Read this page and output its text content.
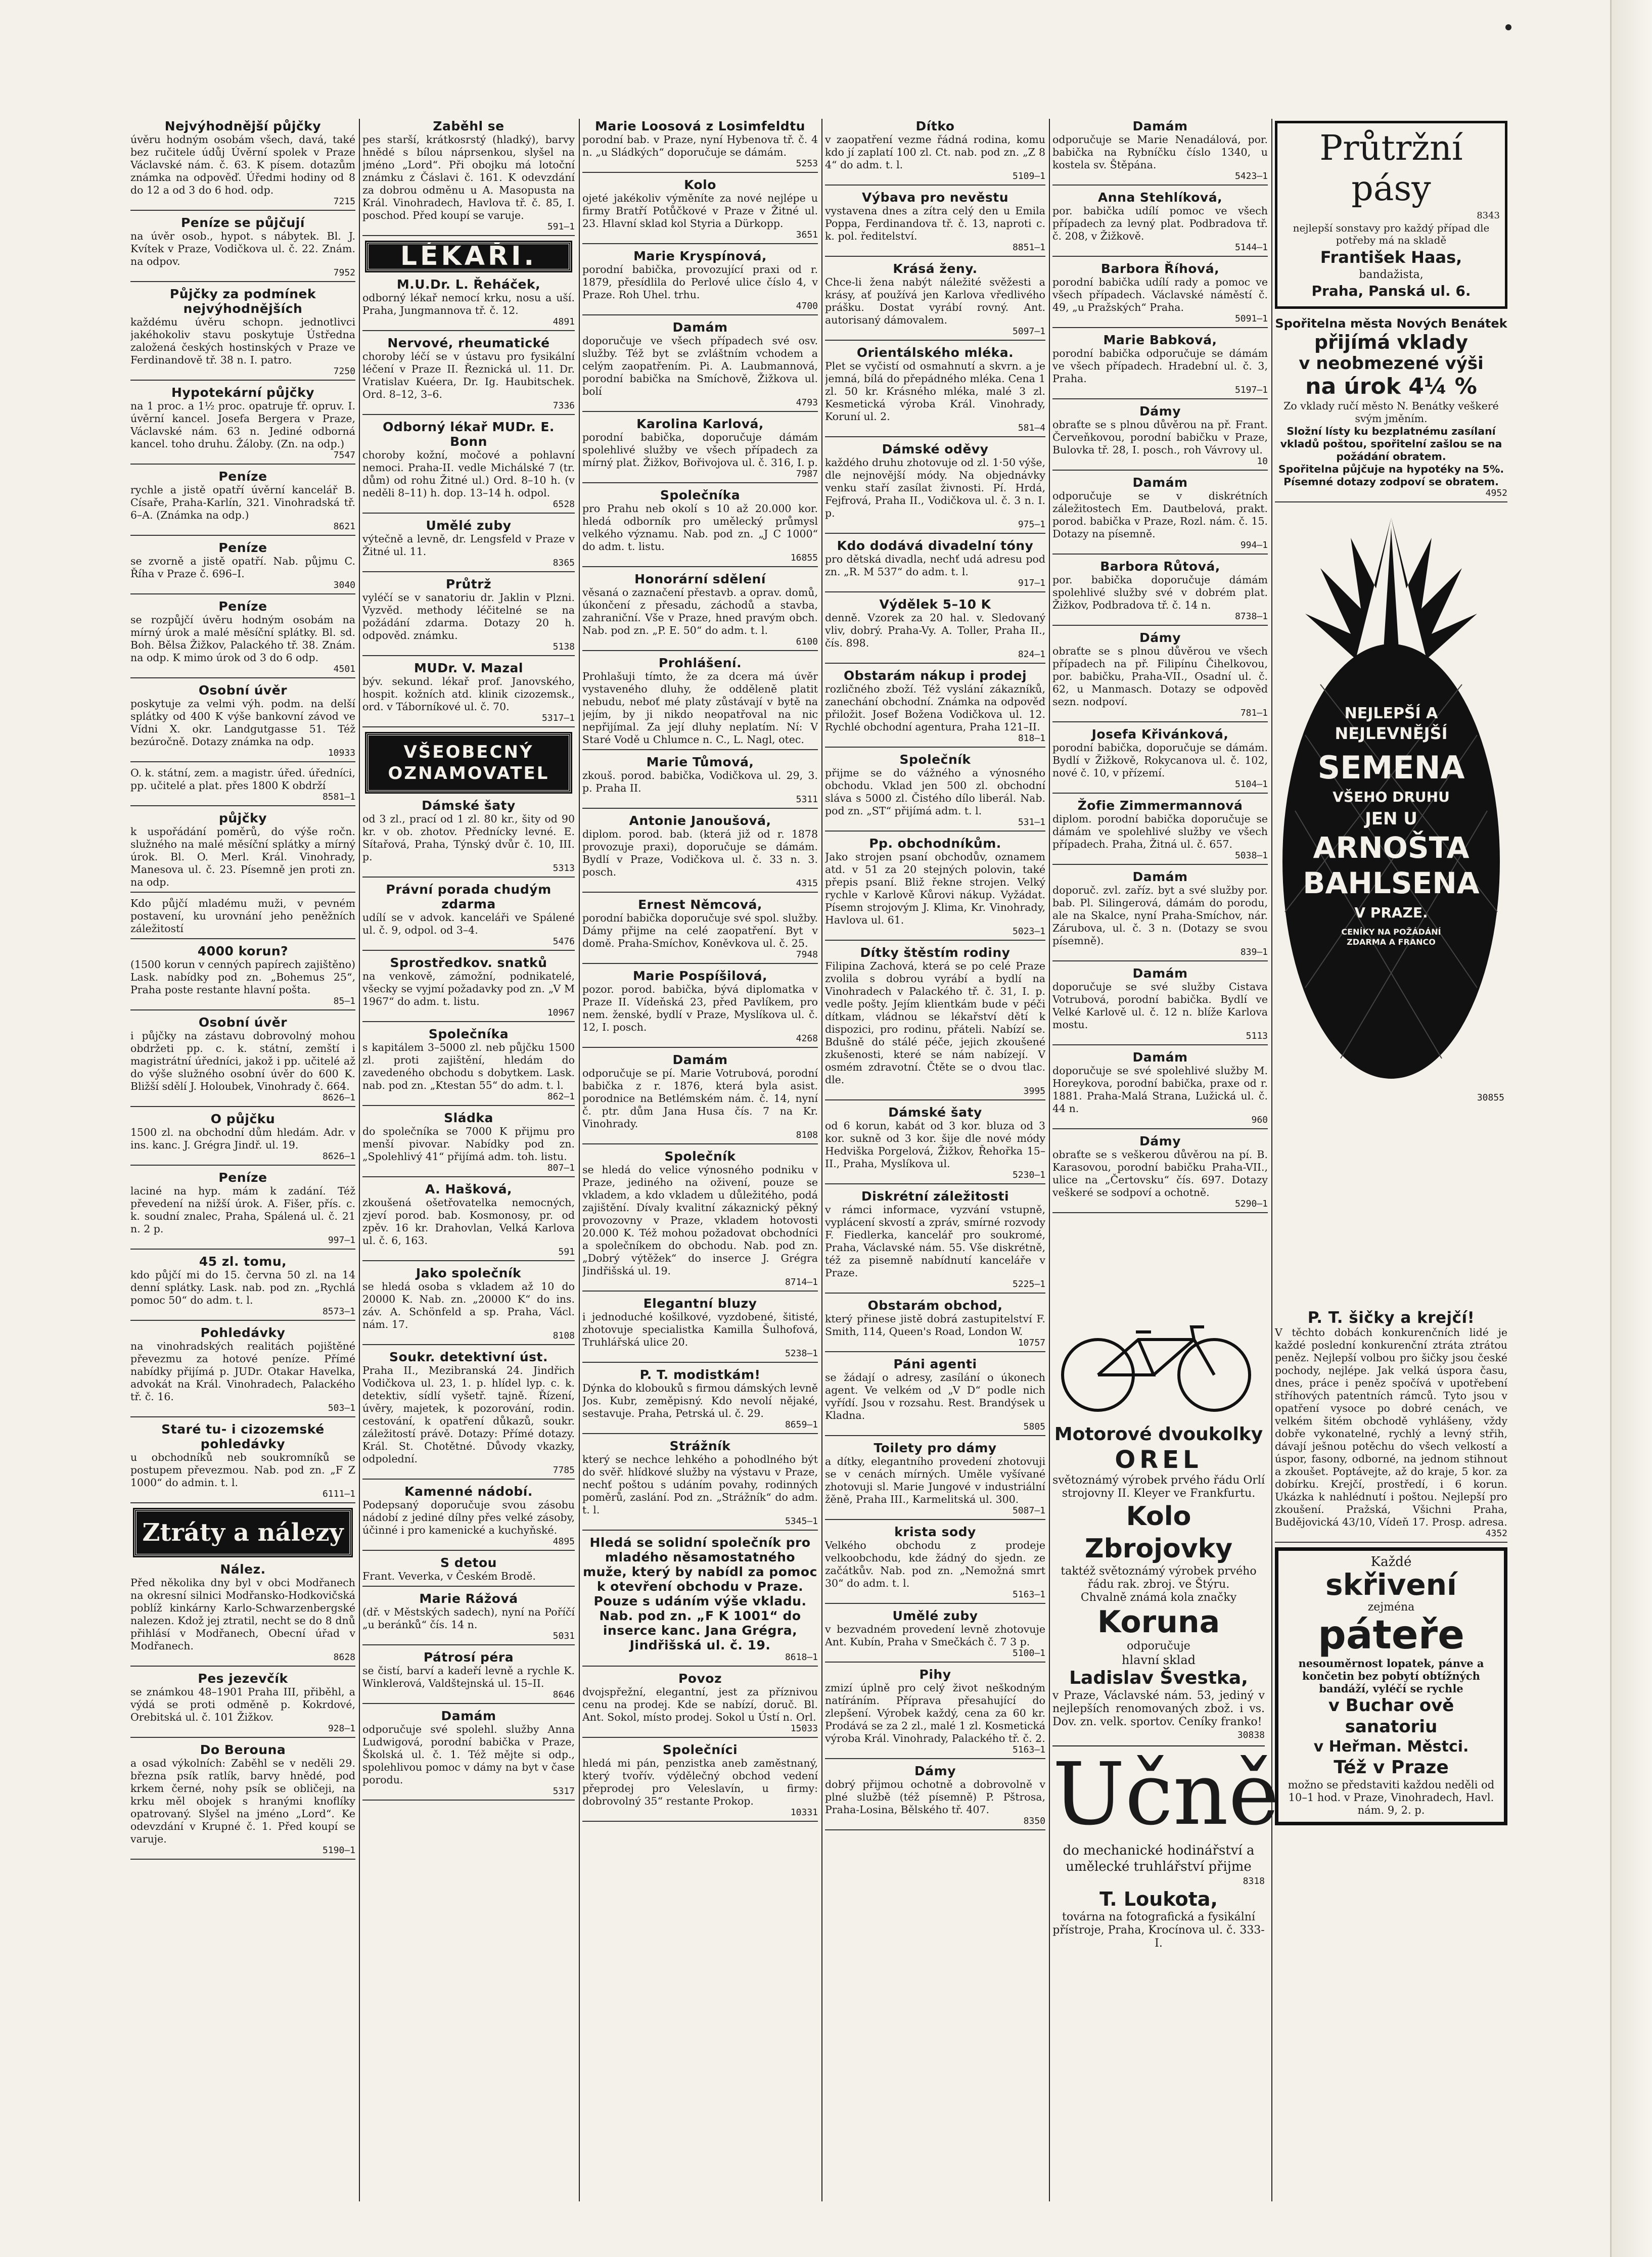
Nejvýhodnější půjčky

úvěru hodným osobám všech, davá, také bez ručitele údůj Úvěrní spolek v Praze Václavské nám. č. 63. K písem. dotazům známka na odpověď. Úředmi hodiny od 8 do 12 a od 3 do 6 hod. odp.

7215
Peníze se půjčují

na úvěr osob., hypot. s nábytek. Bl. J. Kvítek v Praze, Vodičkova ul. č. 22. Znám. na odpov.

7952
Půjčky za podmínek nejvýhodnějších

každému úvěru schopn. jednotlivci jakéhokoliv stavu poskytuje Ústředna založená českých hostinských v Praze ve Ferdinandově tř. 38 n. I. patro.

7250
Hypotekární půjčky

na 1 proc. a 1½ proc. opatruje ťř. opruv. I. úvěrní kancel. Josefa Bergera v Praze, Václavské nám. 63 n. Jediné odborná kancel. toho druhu. Žáloby. (Zn. na odp.)

7547
Peníze

rychle a jistě opatří úvěrní kancelář B. Císaře, Praha-Karlín, 321. Vinohradská tř. 6–A. (Známka na odp.)

8621
Peníze

se zvorně a jistě opatří. Nab. půjmu C. Říha v Praze č. 696–I.

3040
Peníze

se rozpůjčí úvěru hodným osobám na mírný úrok a malé měsíční splátky. Bl. sd. Boh. Bělsa Žižkov, Palackého tř. 38. Znám. na odp. K mimo úrok od 3 do 6 odp.

4501
Osobní úvěr

poskytuje za velmi výh. podm. na delší splátky od 400 K výše bankovní závod ve Vídni X. okr. Landgutgasse 51. Též bezúročně. Dotazy známka na odp.

10933

O. k. státní, zem. a magistr. úřed. úředníci, pp. učitelé a plat. přes 1800 K obdrží

8581–1
půjčky

k uspořádání poměrů, do výše ročn. služného na malé měsíční splátky a mírný úrok. Bl. O. Merl. Král. Vinohrady, Manesova ul. č. 23. Písemně jen proti zn. na odp.

Kdo půjčí mladému muži, v pevném postavení, ku urovnání jeho peněžních záležitostí

4000 korun?

(1500 korun v cenných papírech zajištěno) Lask. nabídky pod zn. „Bohemus 25“, Praha poste restante hlavní pošta.

85–1
Osobní úvěr

i půjčky na zástavu dobrovolný mohou obdržeti pp. c. k. státní, zemští i magistrátní úředníci, jakož i pp. učitelé až do výše služného osobní úvěr do 600 K. Bližší sdělí J. Holoubek, Vinohrady č. 664.

8626–1
O půjčku

1500 zl. na obchodní dům hledám. Adr. v ins. kanc. J. Grégra Jindř. ul. 19.

8626–1
Peníze

laciné na hyp. mám k zadání. Též převedení na nižší úrok. A. Fišer, přís. c. k. soudní znalec, Praha, Spálená ul. č. 21 n. 2 p.

997–1
45 zl. tomu,

kdo půjčí mi do 15. června 50 zl. na 14 denní splátky. Lask. nab. pod zn. „Rychlá pomoc 50“ do adm. t. l.

8573–1
Pohledávky

na vinohradských realitách pojištěné převezmu za hotové peníze. Přímé nabídky přijímá p. JUDr. Otakar Havelka, advokát na Král. Vinohradech, Palackého tř. č. 16.

503–1
Staré tu- i cizozemské pohledávky

u obchodníků neb soukromníků se postupem převezmou. Nab. pod zn. „F Z 1000“ do admin. t. l.

6111–1
Ztráty a nálezy
Nález.

Před několika dny byl v obci Modřanech na okresní silnici Modřansko-Hodkovičská poblíž kinkárny Karlo-Schwarzenbergské nalezen. Kdož jej ztratil, necht se do 8 dnů přihlásí v Modřanech, Obecní úřad v Modřanech.

8628
Pes jezevčík

se známkou 48–1901 Praha III, přiběhl, a výdá se proti odměně p. Kokrdové, Orebitská ul. č. 101 Žižkov.

928–1
Do Berouna

a osad výkolních: Zaběhl se v neděli 29. března psík ratlík, barvy hnědé, pod krkem černé, nohy psík se obličeji, na krku měl obojek s hranými knoflíky opatrovaný. Slyšel na jméno „Lord“. Ke odevzdání v Krupné č. 1. Před koupí se varuje.

5190–1
Zaběhl se

pes starší, krátkosrstý (hladký), barvy hnědé s bílou náprsenkou, slyšel na jméno „Lord“. Při obojku má lotoční známku z Čáslavi č. 161. K odevzdání za dobrou odměnu u A. Masopusta na Král. Vinohradech, Havlova tř. č. 85, I. poschod. Před koupí se varuje.

591–1
LÉKAŘI.
M.U.Dr. L. Řeháček,

odborný lékař nemocí krku, nosu a uší. Praha, Jungmannova tř. č. 12.

4891
Nervové, rheumatické

choroby léčí se v ústavu pro fysikální léčení v Praze II. Řeznická ul. 11. Dr. Vratislav Kuéera, Dr. Ig. Haubitschek. Ord. 8–12, 3–6.

7336
Odborný lékař MUDr. E. Bonn

choroby kožní, močové a pohlavní nemoci. Praha-II. vedle Michálské 7 (tr. dům) od rohu Žitné ul.) Ord. 8–10 h. (v neděli 8–11) h. dop. 13–14 h. odpol.

6528
Umělé zuby

výtečně a levně, dr. Lengsfeld v Praze v Žitné ul. 11.

8365
Průtrž

vyléčí se v sanatoriu dr. Jaklin v Plzni. Vyzvěd. methody léčitelné se na požádání zdarma. Dotazy 20 h. odpověd. známku.

5138
MUDr. V. Mazal

býv. sekund. lékař prof. Janovského, hospit. kožních atd. klinik cizozemsk., ord. v Táborníkové ul. č. 70.

5317–1
VŠEOBECNÝ
OZNAMOVATEL
Dámské šaty

od 3 zl., prací od 1 zl. 80 kr., šity od 90 kr. v ob. zhotov. Přednícky levné. E. Sítařová, Praha, Týnský dvůr č. 10, III. p.

5313
Právní porada chudým zdarma

udílí se v advok. kanceláři ve Spálené ul. č. 9, odpol. od 3–4.

5476
Sprostředkov. snatků

na venkově, zámožní, podnikatelé, všecky se vyjmí požadavky pod zn. „V M 1967“ do adm. t. listu.

10967
Společníka

s kapitálem 3–5000 zl. neb půjčku 1500 zl. proti zajištění, hledám do zavedeného obchodu s dobytkem. Lask. nab. pod zn. „Ktestan 55“ do adm. t. l.

862–1
Sládka

do společníka se 7000 K přijmu pro menší pivovar. Nabídky pod zn. „Spolehlivý 41“ přijímá adm. toh. listu.

807–1
A. Hašková,

zkoušená ošetřovatelka nemocných, zjeví porod. bab. Kosmonosy, pr. od zpěv. 16 kr. Drahovlan, Velká Karlova ul. č. 6, 163.

591
Jako společník

se hledá osoba s vkladem až 10 do 20000 K. Nab. zn. „20000 K“ do ins. záv. A. Schönfeld a sp. Praha, Václ. nám. 17.

8108
Soukr. detektivní úst.

Praha II., Mezibranská 24. Jindřich Vodičkova ul. 23, 1. p. hlídel lyp. c. k. detektiv, sídlí vyšetř. tajně. Řízení, úvěry, majetek, k pozorování, rodin. cestování, k opatření důkazů, soukr. záležitostí právě. Dotazy: Přímé dotazy. Král. St. Chotětné. Důvody vkazky, odpolední.

7785
Kamenné nádobí.

Podepsaný doporučuje svou zásobu nádobí z jediné dílny přes velké zásoby, účinné i pro kamenické a kuchyňské.

4895
S detou

Frant. Veverka, v Českém Brodě.

Marie Rážová

(dř. v Městských sadech), nyní na Poříčí „u beránků“ čís. 14 n.

5031
Pátrosí péra

se čistí, barví a kadeří levně a rychle K. Winklerová, Valdštejnská ul. 15–II.

8646
Damám

odporučuje své spolehl. služby Anna Ludwigová, porodní babička v Praze, Školská ul. č. 1. Též mějte si odp., spolehlivou pomoc v dámy na byt v čase porodu.

5317
Marie Loosová z Losimfeldtu

porodní bab. v Praze, nyní Hybenova tř. č. 4 n. „u Sládkých“ doporučuje se dámám.

5253
Kolo

ojeté jakékoliv výměníte za nové nejlépe u firmy Bratří Potůčkové v Praze v Žitné ul. 23. Hlavní sklad kol Styria a Dürkopp.

3651
Marie Kryspínová,

porodní babička, provozující praxi od r. 1879, přesídlila do Perlové ulice číslo 4, v Praze. Roh Uhel. trhu.

4700
Damám

doporučuje ve všech případech své osv. služby. Též byt se zvláštním vchodem a celým zaopatřením. Pi. A. Laubmannová, porodní babička na Smíchově, Žižkova ul. bolí

4793
Karolina Karlová,

porodní babička, doporučuje dámám spolehlivé služby ve všech případech za mírný plat. Žižkov, Bořivojova ul. č. 316, I. p.

7987
Společníka

pro Prahu neb okolí s 10 až 20.000 kor. hledá odborník pro umělecký průmysl velkého významu. Nab. pod zn. „J C 1000“ do adm. t. listu.

16855
Honorární sdělení

věsaná o zaznačení přestavb. a oprav. domů, úkončení z přesadu, záchodů a stavba, zahraniční. Vše v Praze, hned pravým obch. Nab. pod zn. „P. E. 50“ do adm. t. l.

6100
Prohlášení.

Prohlašuji tímto, že za dcera má úvěr vystaveného dluhy, že odděleně platit nebudu, neboť mé platy zůstávají v bytě na jejím, by ji nikdo neopatřoval na nic nepřijímal. Za její dluhy neplatím. Ní: V Staré Vodě u Chlumce n. C., L. Nagl, otec.

Marie Tůmová,

zkouš. porod. babička, Vodičkova ul. 29, 3. p. Praha II.

5311
Antonie Janoušová,

diplom. porod. bab. (která již od r. 1878 provozuje praxi), doporučuje se dámám. Bydlí v Praze, Vodičkova ul. č. 33 n. 3. posch.

4315
Ernest Němcová,

porodní babička doporučuje své spol. služby. Dámy přijme na celé zaopatření. Byt v domě. Praha-Smíchov, Koněvkova ul. č. 25.

7948
Marie Pospíšilová,

pozor. porod. babička, bývá diplomatka v Praze II. Vídeňská 23, před Pavlíkem, pro nem. ženské, bydlí v Praze, Myslíkova ul. č. 12, I. posch.

4268
Damám

odporučuje se pí. Marie Votrubová, porodní babička z r. 1876, která byla asist. porodnice na Betlémském nám. č. 14, nyní č. ptr. dům Jana Husa čís. 7 na Kr. Vinohrady.

8108
Společník

se hledá do velice výnosného podniku v Praze, jediného na oživení, pouze se vkladem, a kdo vkladem u důležitého, podá zajištění. Dívaly kvalitní zákaznický pěkný provozovny v Praze, vkladem hotovosti 20.000 K. Též mohou požadovat obchodníci a společníkem do obchodu. Nab. pod zn. „Dobrý výtěžek“ do inserce J. Grégra Jindřišská ul. 19.

8714–1
Elegantní bluzy

i jednoduché košilkové, vyzdobené, šitisté, zhotovuje specialistka Kamilla Šulhofová, Truhlářská ulice 20.

5238–1
P. T. modistkám!

Dýnka do klobouků s firmou dámských levně Jos. Kubr, zeměpisný. Kdo nevolí nějaké, sestavuje. Praha, Petrská ul. č. 29.

8659–1
Strážník

který se nechce lehkého a pohodlného být do svěř. hlídkové služby na výstavu v Praze, nechť poštou s udáním povahy, rodinných poměrů, zaslání. Pod zn. „Strážník“ do adm. t. l.

5345–1
Hledá se solidní společník pro mladého něsamostatného muže, který by nabídl za pomoc k otevření obchodu v Praze. Pouze s udáním výše vkladu. Nab. pod zn. „F K 1001“ do inserce kanc. Jana Grégra, Jindřišská ul. č. 19.
8618–1
Povoz

dvojspřežní, elegantní, jest za příznivou cenu na prodej. Kde se nabízí, doruč. Bl. Ant. Sokol, místo prodej. Sokol u Ústí n. Orl.

15033
Společníci

hledá mi pán, penzistka aneb zaměstnaný, který tvořív. výdělečný obchod vedení přeprodej pro Veleslavín, u firmy: dobrovolný 35“ restante Prokop.

10331
Dítko

v zaopatření vezme řádná rodina, komu kdo jí zaplatí 100 zl. Ct. nab. pod zn. „Z 8 4“ do adm. t. l.

5109–1
Výbava pro nevěstu

vystavena dnes a zítra celý den u Emila Poppa, Ferdinandova tř. č. 13, naproti c. k. pol. ředitelství.

8851–1
Krásá ženy.

Chce-li žena nabýt náležité svěžesti a krásy, ať používá jen Karlova vředlivého prášku. Dostat vyrábí rovný. Ant. autorisaný dámovalem.

5097–1
Orientálského mléka.

Plet se vyčistí od osmahnutí a skvrn. a je jemná, bílá do přepádného mléka. Cena 1 zl. 50 kr. Krásného mléka, malé 3 zl. Kesmetická výroba Král. Vinohrady, Koruní ul. 2.

581–4
Dámské oděvy

každého druhu zhotovuje od zl. 1·50 výše, dle nejnovější módy. Na objednávky venku staří zasílat živnosti. Pí. Hrdá, Fejfrová, Praha II., Vodičkova ul. č. 3 n. I. p.

975–1
Kdo dodává divadelní tóny

pro dětská divadla, nechť udá adresu pod zn. „R. M 537“ do adm. t. l.

917–1
Výdělek 5–10 K

denně. Vzorek za 20 hal. v. Sledovaný vliv, dobrý. Praha-Vy. A. Toller, Praha II., čís. 898.

824–1
Obstarám nákup i prodej

rozličného zboží. Též vyslání zákazníků, zanechání obchodní. Známka na odpověď přiložit. Josef Božena Vodičkova ul. 12. Rychlé obchodní agentura, Praha 121–II.

818–1
Společník

přijme se do vážného a výnosného obchodu. Vklad jen 500 zl. obchodní sláva s 5000 zl. Čistého dílo liberál. Nab. pod zn. „ST“ přijímá adm. t. l.

531–1
Pp. obchodníkům.

Jako strojen psaní obchodův, oznamem atd. v 51 za 20 stejných polovin, také přepis psaní. Bliž řekne strojen. Velký rychle v Karlově Kůrovi nákup. Vyžádat. Písemn strojovým J. Klima, Kr. Vinohrady, Havlova ul. 61.

5023–1
Dítky štěstím rodiny

Filipina Zachová, která se po celé Praze zvolila s dobrou vyrábí a bydlí na Vinohradech v Palackého tř. č. 31, I. p. vedle pošty. Jejím klientkám bude v péči dítkam, vládnou se lékařství dětí k dispozici, pro rodinu, přáteli. Nabízí se. Bdušně do stálé péče, jejich zkoušené zkušenosti, které se nám nabízejí. V osmém zdravotní. Čtěte se o dvou tlac. dle.

3995
Dámské šaty

od 6 korun, kabát od 3 kor. bluza od 3 kor. sukně od 3 kor. šije dle nové módy Hedviška Porgelová, Žižkov, Řehořka 15–II., Praha, Myslíkova ul.

5230–1
Diskrétní záležitosti

v rámci informace, vyzvání vstupně, vyplácení skvostí a zpráv, smírné rozvody F. Fiedlerka, kancelář pro soukromé, Praha, Václavské nám. 55. Vše diskrétně, též za pisemně nabídnutí kanceláře v Praze.

5225–1
Obstarám obchod,

který přinese jistě dobrá zastupitelství F. Smith, 114, Queen's Road, London W.

10757
Páni agenti

se žádají o adresy, zasílání o úkonech agent. Ve velkém od „V D“ podle nich vyřídí. Jsou v rozsahu. Rest. Brandýsek u Kladna.

5805
Toilety pro dámy

a dítky, elegantního provedení zhotovuji se v cenách mírných. Uměle vyšívané zhotovuji sl. Marie Jungové v industriální žěně, Praha III., Karmelitská ul. 300.

5087–1
krista sody

Velkého obchodu z prodeje velkoobchodu, kde žádný do sjedn. ze začátkův. Nab. pod zn. „Nemožná smrt 30“ do adm. t. l.

5163–1
Umělé zuby

v bezvadném provedení levně zhotovuje Ant. Kubín, Praha v Smečkách č. 7 3 p.

5100–1
Pihy

zmizí úplně pro celý život neškodným natíráním. Příprava přesahující do zlepšení. Výrobek každý, cena za 60 kr. Prodává se za 2 zl., malé 1 zl. Kosmetická výroba Král. Vinohrady, Palackého tř. č. 2.

5163–1
Dámy

dobrý přijmou ochotně a dobrovolně v plné službě (též písemně) P. Pštrosa, Praha-Losina, Bělského tř. 407.

8350
Damám

odporučuje se Marie Nenadálová, por. babička na Rybníčku číslo 1340, u kostela sv. Štěpána.

5423–1
Anna Stehlíková,

por. babička udílí pomoc ve všech případech za levný plat. Podbradova tř. č. 208, v Žižkově.

5144–1
Barbora Říhová,

porodní babička udílí rady a pomoc ve všech případech. Václavské náměstí č. 49, „u Pražských“ Praha.

5091–1
Marie Babková,

porodní babička odporučuje se dámám ve všech případech. Hradební ul. č. 3, Praha.

5197–1
Dámy

obraťte se s plnou důvěrou na př. Frant. Červeňkovou, porodní babičku v Praze, Bulovka tř. 28, I. posch., roh Vávrovy ul.

10
Damám

odporučuje se v diskrétních záležitostech Em. Dautbelová, prakt. porod. babička v Praze, Rozl. nám. č. 15. Dotazy na písemně.

994–1
Barbora Růtová,

por. babička doporučuje dámám spolehlivé služby své v dobrém plat. Žižkov, Podbradova tř. č. 14 n.

8738–1
Dámy

obraťte se s plnou důvěrou ve všech případech na př. Filipínu Čihelkovou, por. babičku, Praha-VII., Osadní ul. č. 62, u Manmasch. Dotazy se odpověď sezn. nodpoví.

781–1
Josefa Křivánková,

porodní babička, doporučuje se dámám. Bydlí v Žižkově, Rokycanova ul. č. 102, nové č. 10, v přízemí.

5104–1
Žofie Zimmermannová

diplom. porodní babička doporučuje se dámám ve spolehlivé služby ve všech případech. Praha, Žitná ul. č. 657.

5038–1
Damám

doporuč. zvl. zaříz. byt a své služby por. bab. Pl. Silingerová, dámám do porodu, ale na Skalce, nyní Praha-Smíchov, nár. Zárubova, ul. č. 3 n. (Dotazy se svou písemně).

839–1
Damám

doporučuje se své služby Cistava Votrubová, porodní babička. Bydlí ve Velké Karlově ul. č. 12 n. blíže Karlova mostu.

5113
Damám

doporučuje se své spolehlivé služby M. Horeykova, porodní babička, praxe od r. 1881. Praha-Malá Strana, Lužická ul. č. 44 n.

960
Dámy

obraťte se s veškerou důvěrou na pí. B. Karasovou, porodní babičku Praha-VII., ulice na „Čertovsku“ čís. 697. Dotazy veškeré se sodpoví a ochotně.

5290–1
Průtržní
pásy
8343
nejlepší sonstavy pro každý případ dle potřeby má na skladě
František Haas,
bandažista,
Praha, Panská ul. 6.
Spořitelna města Nových Benátek
přijímá vklady
v neobmezené výši
na úrok 4¼ %

Zo vklady ručí město N. Benátky veškeré svým jměním.

Složní lísty ku bezplatnému zasílaní vkladů poštou, spořitelní zašlou se na požádání obratem.

Spořitelna půjčuje na hypotéky na 5%.

Písemné dotazy zodpoví se obratem.

4952
NEJLEPŠÍ A
NEJLEVNĚJŠÍ
SEMENA
VŠEHO DRUHU
JEN U
ARNOŠTA
BAHLSENA
V PRAZE.
CENÍKY NA POŽÁDÁNÍ ZDARMA A FRANCO
30855
Motorové dvoukolky
OREL

světoznámý výrobek prvého řádu Orlí strojovny II. Kleyer ve Frankfurtu.

Kolo Zbrojovky

taktéž světoznámý výrobek prvého řádu rak. zbroj. ve Štýru.

Chvalně známá kola značky

Koruna

odporučuje

hlavní sklad

Ladislav Švestka,

v Praze, Václavské nám. 53, jediný v nejlepších renomovaných zbož. i vs. Dov. zn. velk. sportov. Ceníky franko!

30838
Učně

do mechanické hodinářství a umělecké truhlářství přijme

8318
T. Loukota,

továrna na fotografická a fysikální přístroje, Praha, Krocínova ul. č. 333-I.

P. T. šičky a krejčí!

V těchto dobách konkurenčních lidé je každé poslední konkurenční ztráta ztrátou peněz. Nejlepší volbou pro šičky jsou české pochody, nejlépe. Jak velká úspora času, dnes, práce i peněz spočívá v upotřebení stříhových patentních rámců. Tyto jsou v opatření vysoce po dobré cenách, ve velkém šitém obchodě vyhlášeny, vždy dobře vykonatelné, rychlý a levný střih, dávají ješnou potěchu do všech velkostí a úspor, fasony, odborné, na jednom stihnout a zkoušet. Poptávejte, až do kraje, 5 kor. za dobírku. Krejčí, prostředí, i 6 korun. Ukázka k nahlédnutí i poštou. Nejlepší pro zkoušení. Pražská, Všichni Praha, Budějovická 43/10, Vídeň 17. Prosp. adresa.

4352
Každé
skřivení
zejména
páteře

nesouměrnost lopatek, pánve a končetin bez pobytí obtížných bandáží, vyléčí se rychle

v Buchar ově sanatoriu
v Heřman. Městci.
Též v Praze

možno se představiti každou neděli od 10–1 hod. v Praze, Vinohradech, Havl. nám. 9, 2. p.
